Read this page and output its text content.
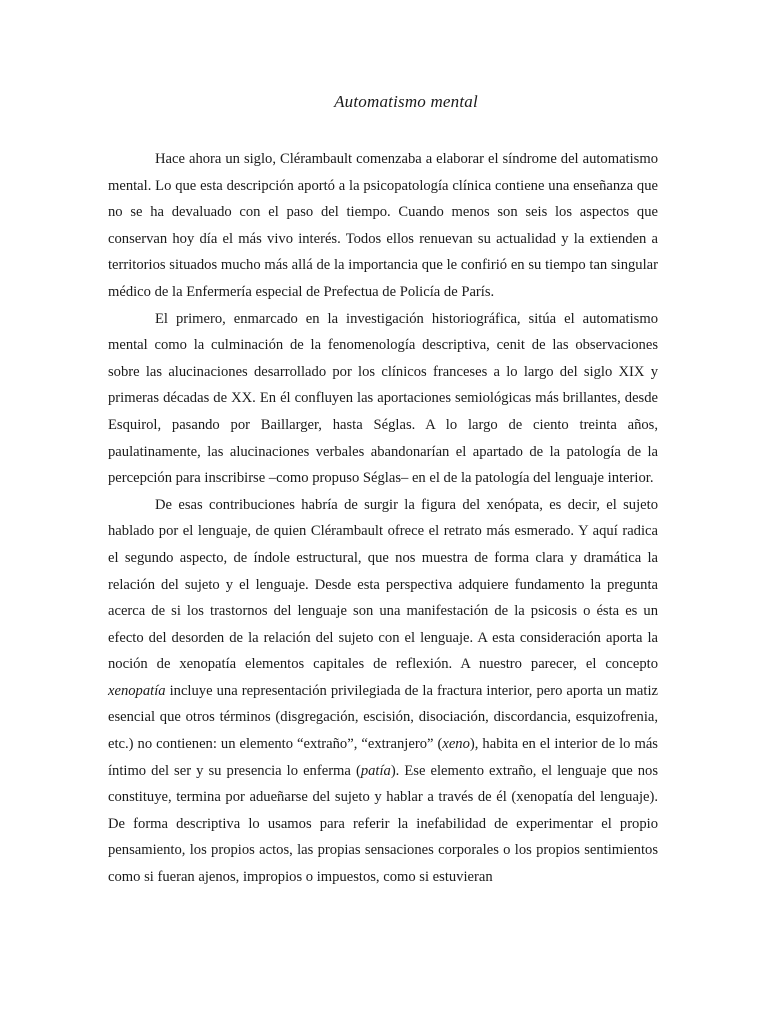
Automatismo mental

Hace ahora un siglo, Clérambault comenzaba a elaborar el síndrome del automatismo mental. Lo que esta descripción aportó a la psicopatología clínica contiene una enseñanza que no se ha devaluado con el paso del tiempo. Cuando menos son seis los aspectos que conservan hoy día el más vivo interés. Todos ellos renuevan su actualidad y la extienden a territorios situados mucho más allá de la importancia que le confirió en su tiempo tan singular médico de la Enfermería especial de Prefectua de Policía de París.

El primero, enmarcado en la investigación historiográfica, sitúa el automatismo mental como la culminación de la fenomenología descriptiva, cenit de las observaciones sobre las alucinaciones desarrollado por los clínicos franceses a lo largo del siglo XIX y primeras décadas de XX. En él confluyen las aportaciones semiológicas más brillantes, desde Esquirol, pasando por Baillarger, hasta Séglas. A lo largo de ciento treinta años, paulatinamente, las alucinaciones verbales abandonarían el apartado de la patología de la percepción para inscribirse –como propuso Séglas– en el de la patología del lenguaje interior.

De esas contribuciones habría de surgir la figura del xenópata, es decir, el sujeto hablado por el lenguaje, de quien Clérambault ofrece el retrato más esmerado. Y aquí radica el segundo aspecto, de índole estructural, que nos muestra de forma clara y dramática la relación del sujeto y el lenguaje. Desde esta perspectiva adquiere fundamento la pregunta acerca de si los trastornos del lenguaje son una manifestación de la psicosis o ésta es un efecto del desorden de la relación del sujeto con el lenguaje. A esta consideración aporta la noción de xenopatía elementos capitales de reflexión. A nuestro parecer, el concepto xenopatía incluye una representación privilegiada de la fractura interior, pero aporta un matiz esencial que otros términos (disgregación, escisión, disociación, discordancia, esquizofrenia, etc.) no contienen: un elemento “extraño”, “extranjero” (xeno), habita en el interior de lo más íntimo del ser y su presencia lo enferma (patía). Ese elemento extraño, el lenguaje que nos constituye, termina por adueñarse del sujeto y hablar a través de él (xenopatía del lenguaje). De forma descriptiva lo usamos para referir la inefabilidad de experimentar el propio pensamiento, los propios actos, las propias sensaciones corporales o los propios sentimientos como si fueran ajenos, impropios o impuestos, como si estuvieran
